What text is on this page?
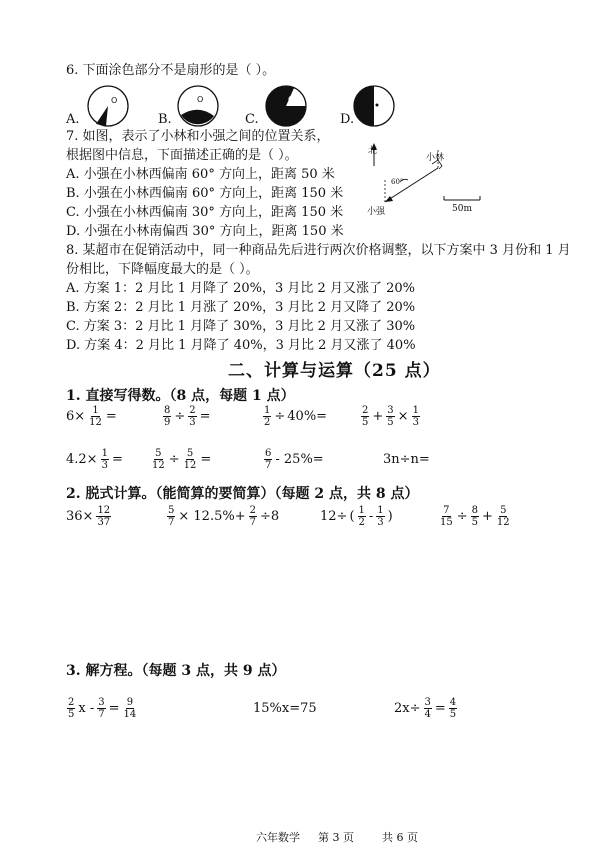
6. 下面涂色部分不是扇形的是（ ）。
O
A.
O
B.
O
C.	D.
7. 如图，表示了小林和小强之间的位置关系，
根据图中信息，下面描述正确的是（ ）。
A. 小强在小林西偏南 60° 方向上，距离 50 米
B. 小强在小林西偏南 60° 方向上，距离 150 米
C. 小强在小林西偏南 30° 方向上，距离 150 米
D. 小强在小林南偏西 30° 方向上，距离 150 米
北
小林
小强
60°
50m
8. 某超市在促销活动中，同一种商品先后进行两次价格调整，以下方案中 3 月份和 1 月
份相比，下降幅度最大的是（ ）。
A. 方案 1：2 月比 1 月降了 20%，3 月比 2 月又涨了 20%
B. 方案 2：2 月比 1 月涨了 20%，3 月比 2 月又降了 20%
C. 方案 3：2 月比 1 月降了 30%，3 月比 2 月又涨了 30%
D. 方案 4：2 月比 1 月降了 40%，3 月比 2 月又涨了 40%
二、计算与运算（25 点）
1. 直接写得数。（8 点，每题 1 点）
$6\times \frac{1}{12}$ =	$\frac{8}{9} \div \frac{2}{3}$ =	$\frac{1}{2} \div 40\%=$	$\frac{2}{5} + \frac{3}{5} \times \frac{1}{3}$
$4.2\times \frac{1}{3}$ =	$\frac{5}{12} \div \frac{5}{12}$ =	$\frac{6}{7} - 25\%=$	3n÷n=
2. 脱式计算。（能简算的要简算）（每题 2 点，共 8 点）
$36\times \frac{12}{37}$	$\frac{5}{7} \times 12.5\%+ \frac{2}{7} \div 8$	12÷ ( $\frac{1}{2} - \frac{1}{3}$ )	$\frac{7}{15} \div \frac{8}{5} + \frac{5}{12}$
3. 解方程。（每题 3 点，共 9 点）
$\frac{2}{5}$ $x - \frac{3}{7} = \frac{9}{14}$	15%x=75	$2x\div \frac{3}{4} = \frac{4}{5}$
六年数学 第 3 页	共 6 页
